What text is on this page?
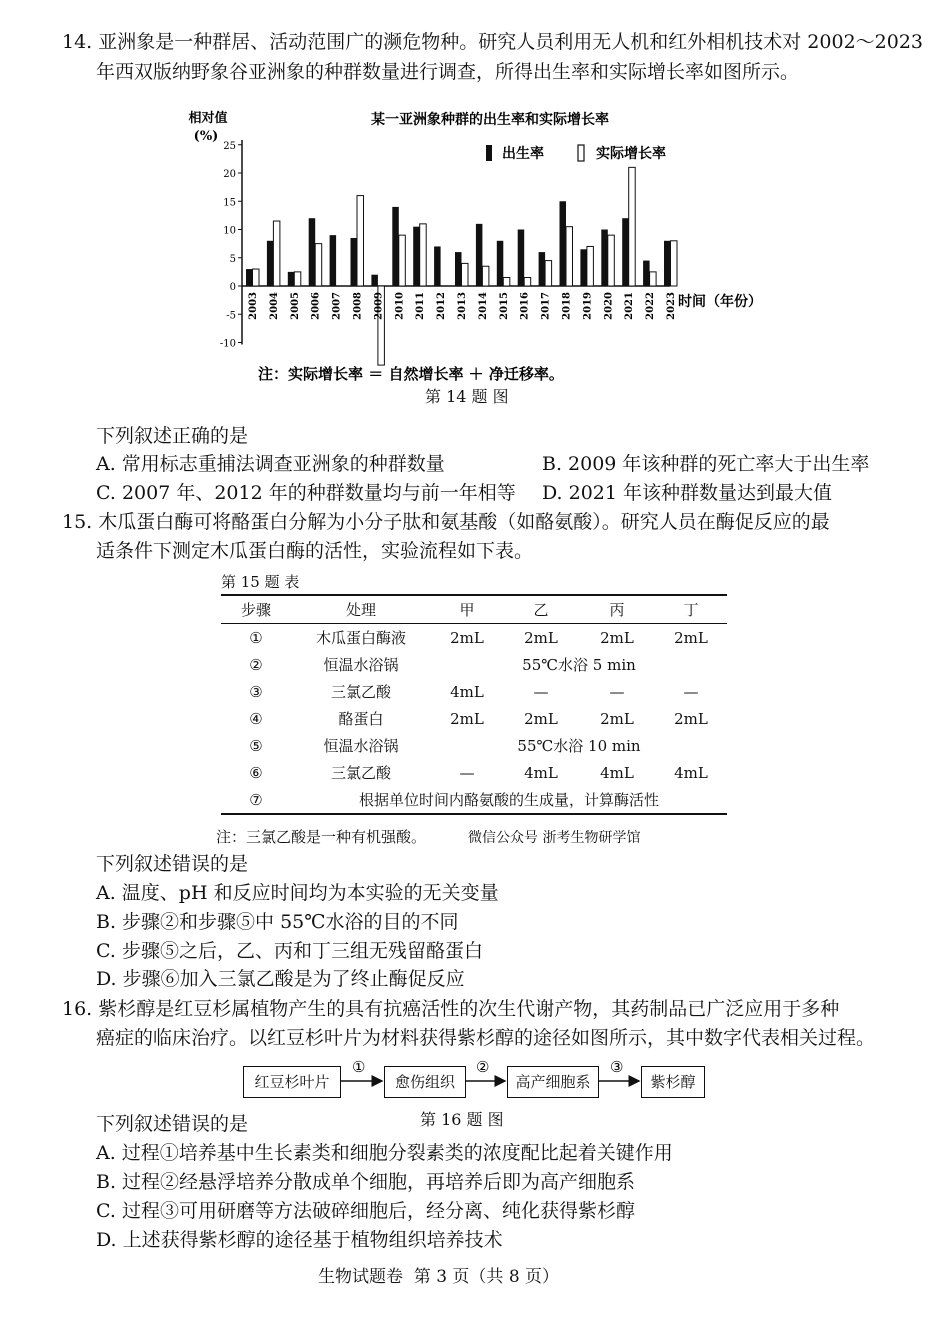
14. 亚洲象是一种群居、活动范围广的濒危物种。研究人员利用无人机和红外相机技术对 2002～2023
年西双版纳野象谷亚洲象的种群数量进行调查，所得出生率和实际增长率如图所示。
某一亚洲象种群的出生率和实际增长率
相对值
(%)
时间（年份）
出生率	实际增长率
25
20
15
10
5
0
-5
-10
2003 2004 2005 2006 2007 2008 2009 2010 2011 2012 2013 2014 2015 2016 2017 2018 2019 2020 2021 2022 2023
注：实际增长率 ＝ 自然增长率 ＋ 净迁移率。
第 14 题 图
下列叙述正确的是
A. 常用标志重捕法调查亚洲象的种群数量	B. 2009 年该种群的死亡率大于出生率
C. 2007 年、2012 年的种群数量均与前一年相等 D. 2021 年该种群数量达到最大值
15. 木瓜蛋白酶可将酪蛋白分解为小分子肽和氨基酸（如酪氨酸）。研究人员在酶促反应的最
适条件下测定木瓜蛋白酶的活性，实验流程如下表。
第 15 题 表
步骤	处理	甲	乙	丙	丁
①	木瓜蛋白酶液	2mL	2mL	2mL	2mL
②	恒温水浴锅	55℃水浴 5 min			
③	三氯乙酸	4mL	—	—	—
④	酪蛋白	2mL	2mL	2mL	2mL
⑤	恒温水浴锅	55℃水浴 10 min			
⑥	三氯乙酸	—	4mL	4mL	4mL
⑦	根据单位时间内酪氨酸的生成量，计算酶活性				
注：三氯乙酸是一种有机强酸。	微信公众号 浙考生物研学馆
下列叙述错误的是
A. 温度、pH 和反应时间均为本实验的无关变量
B. 步骤②和步骤⑤中 55℃水浴的目的不同
C. 步骤⑤之后，乙、丙和丁三组无残留酪蛋白
D. 步骤⑥加入三氯乙酸是为了终止酶促反应
16. 紫杉醇是红豆杉属植物产生的具有抗癌活性的次生代谢产物，其药制品已广泛应用于多种
癌症的临床治疗。以红豆杉叶片为材料获得紫杉醇的途径如图所示，其中数字代表相关过程。
红豆杉叶片	愈伤组织	高产细胞系	紫杉醇
①	②	③
第 16 题 图
下列叙述错误的是
A. 过程①培养基中生长素类和细胞分裂素类的浓度配比起着关键作用
B. 过程②经悬浮培养分散成单个细胞，再培养后即为高产细胞系
C. 过程③可用研磨等方法破碎细胞后，经分离、纯化获得紫杉醇
D. 上述获得紫杉醇的途径基于植物组织培养技术
生物试题卷  第 3 页（共 8 页）
